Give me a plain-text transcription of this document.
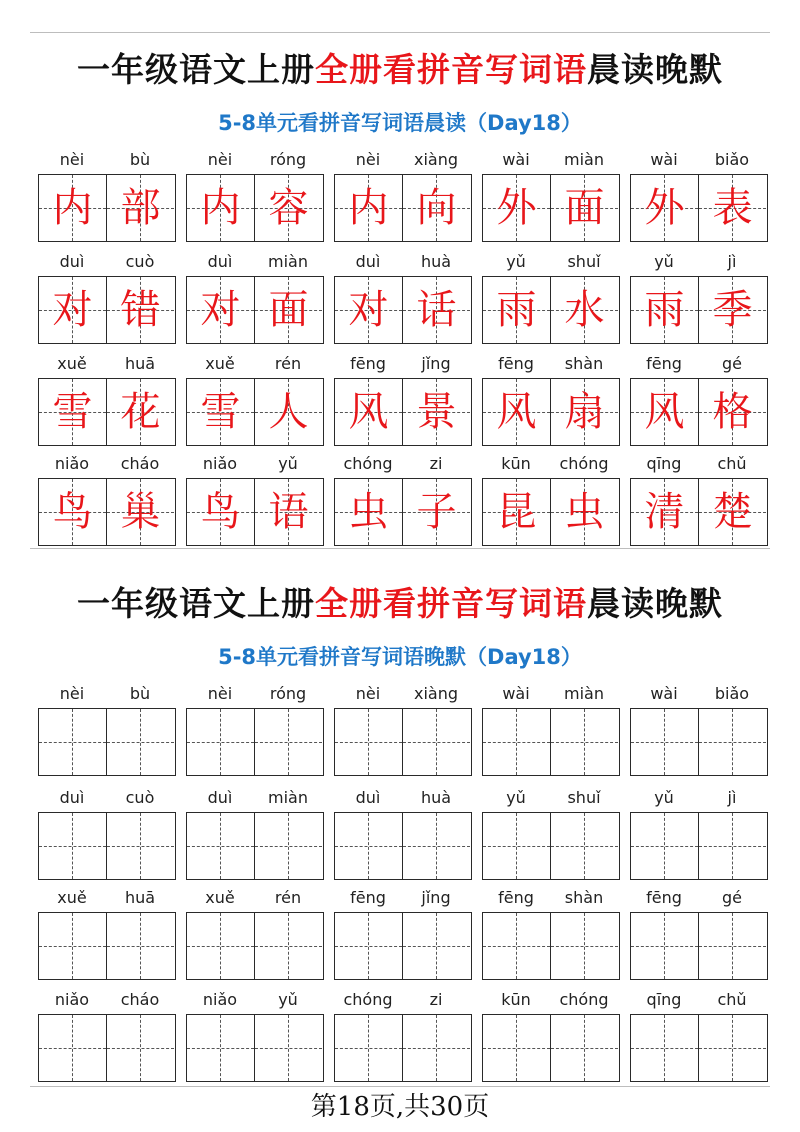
一年级语文上册全册看拼音写词语晨读晚默
5-8单元看拼音写词语晨读（Day18）
nèi	bù
内 部
nèi	róng
内 容
nèi	xiàng
内 向
wài	miàn
外 面
wài	biǎo
外 表
duì	cuò
对 错
duì	miàn
对 面
duì	huà
对 话
yǔ	shuǐ
雨 水
yǔ	jì
雨 季
xuě	huā
雪 花
xuě	rén
雪 人
fēng	jǐng
风 景
fēng	shàn
风 扇
fēng	gé
风 格
niǎo	cháo
鸟 巢
niǎo	yǔ
鸟 语
chóng	zi
虫 子
kūn	chóng
昆 虫
qīng	chǔ
清 楚
一年级语文上册全册看拼音写词语晨读晚默
5-8单元看拼音写词语晚默（Day18）
nèi	bù	nèi	róng	nèi	xiàng	wài	miàn	wài	biǎo
duì	cuò	duì	miàn	duì	huà	yǔ	shuǐ	yǔ	jì
xuě	huā	xuě	rén	fēng	jǐng	fēng	shàn	fēng	gé
niǎo	cháo	niǎo	yǔ	chóng	zi	kūn	chóng	qīng	chǔ
第18页,共30页
